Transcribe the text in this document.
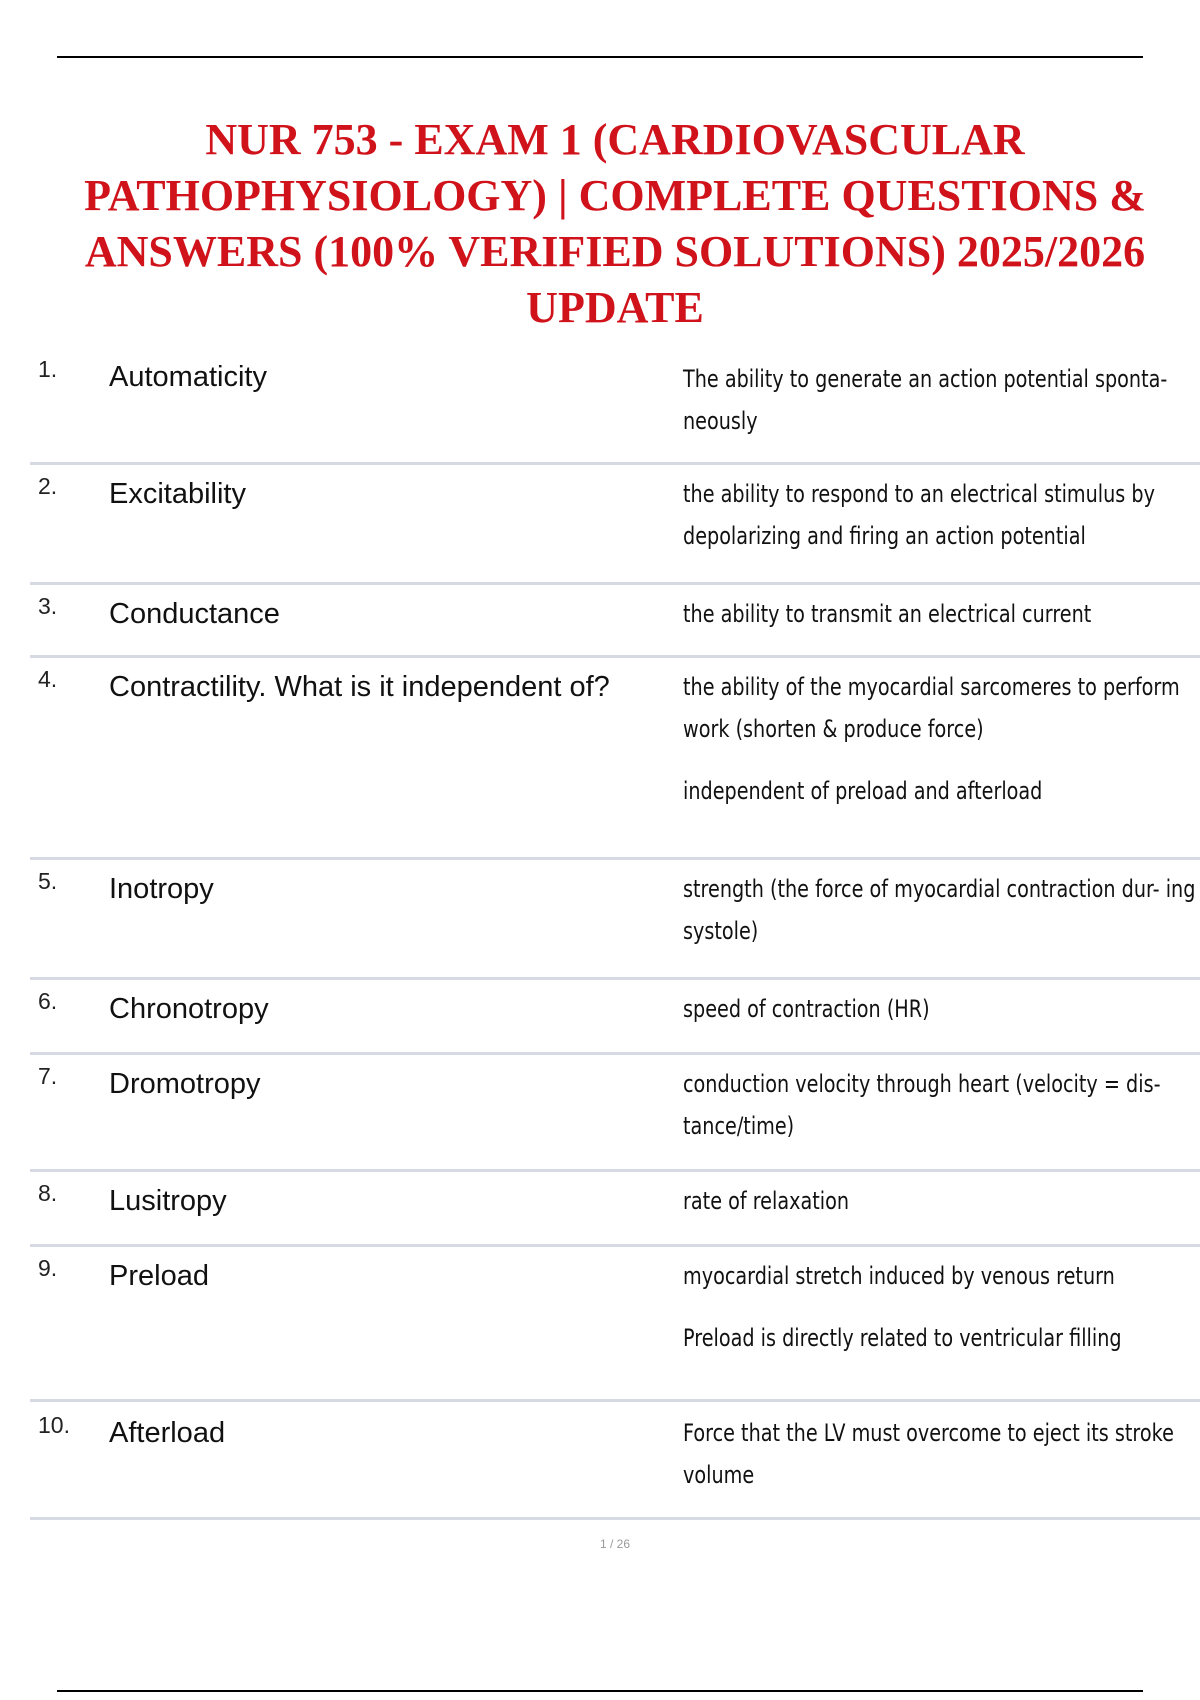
NUR 753 - EXAM 1 (CARDIOVASCULAR
PATHOPHYSIOLOGY) | COMPLETE QUESTIONS &
ANSWERS (100% VERIFIED SOLUTIONS) 2025/2026
UPDATE
1. Automaticity	The ability to generate an action potential sponta- neously

2. Excitability	the ability to respond to an electrical stimulus by depolarizing and firing an action potential

3. Conductance	the ability to transmit an electrical current

4. Contractility. What is it independent of?	the ability of the myocardial sarcomeres to perform work (shorten & produce force)

independent of preload and afterload

5. Inotropy	strength (the force of myocardial contraction dur- ing systole)

6. Chronotropy	speed of contraction (HR)

7. Dromotropy	conduction velocity through heart (velocity = dis- tance/time)

8. Lusitropy	rate of relaxation

9. Preload	myocardial stretch induced by venous return

Preload is directly related to ventricular filling

10. Afterload	Force that the LV must overcome to eject its stroke volume

1 / 26
